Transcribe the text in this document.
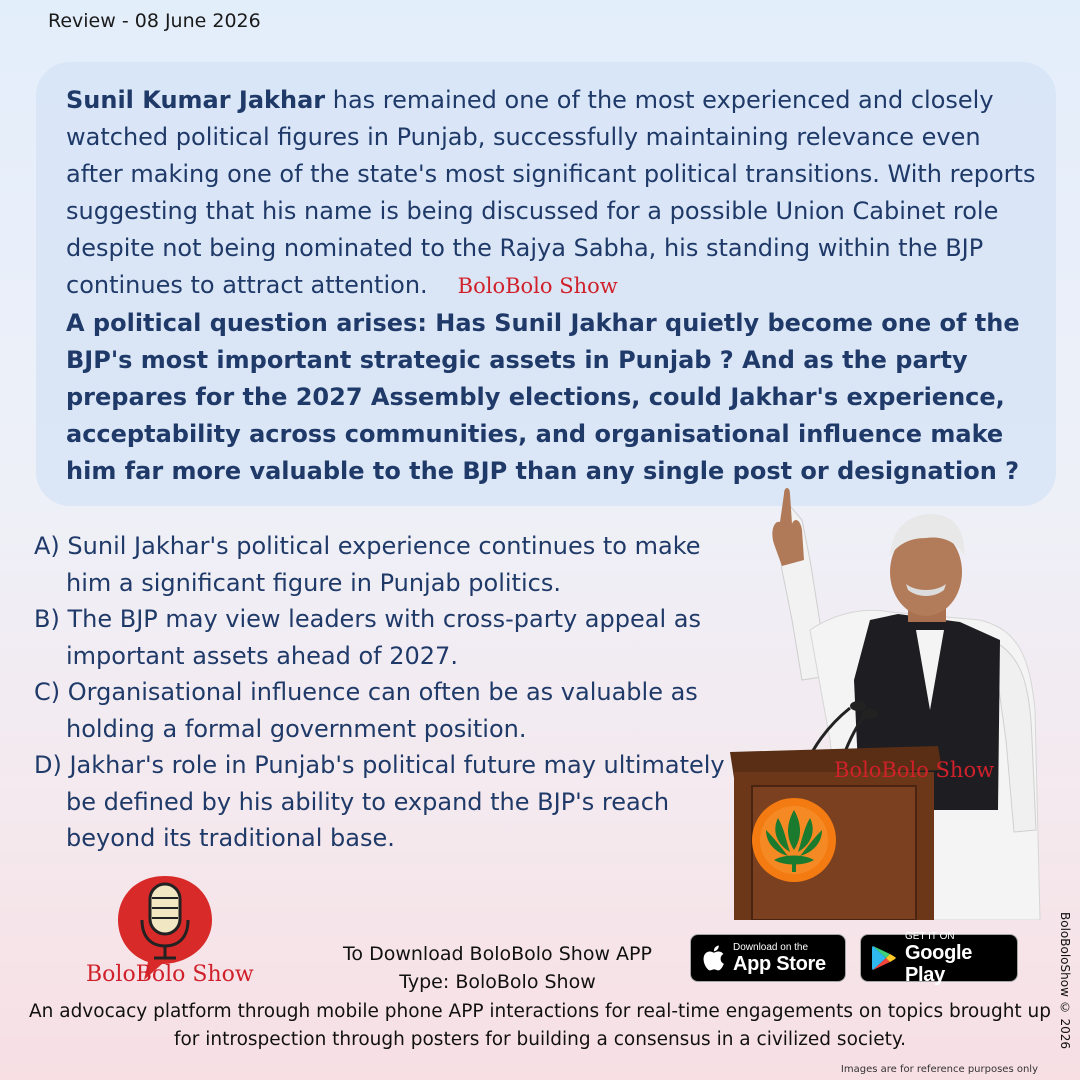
Review - 08 June 2026

Sunil Kumar Jakhar has remained one of the most experienced and closely watched political figures in Punjab, successfully maintaining relevance even after making one of the state's most significant political transitions. With reports suggesting that his name is being discussed for a possible Union Cabinet role despite not being nominated to the Rajya Sabha, his standing within the BJP continues to attract attention. BoloBolo Show

A political question arises: Has Sunil Jakhar quietly become one of the BJP's most important strategic assets in Punjab ? And as the party prepares for the 2027 Assembly elections, could Jakhar's experience, acceptability across communities, and organisational influence make him far more valuable to the BJP than any single post or designation ?

A) Sunil Jakhar's political experience continues to make him a significant figure in Punjab politics.
B) The BJP may view leaders with cross-party appeal as important assets ahead of 2027.
C) Organisational influence can often be as valuable as holding a formal government position.
D) Jakhar's role in Punjab's political future may ultimately be defined by his ability to expand the BJP's reach beyond its traditional base.
BoloBolo Show
BoloBolo Show
To Download BoloBolo Show APP
Type: BoloBolo Show
Download on the
App Store
GET IT ON
Google Play
An advocacy platform through mobile phone APP interactions for real-time engagements on topics brought up for introspection through posters for building a consensus in a civilized society.	BoloBoloShow © 2026
Images are for reference purposes only
